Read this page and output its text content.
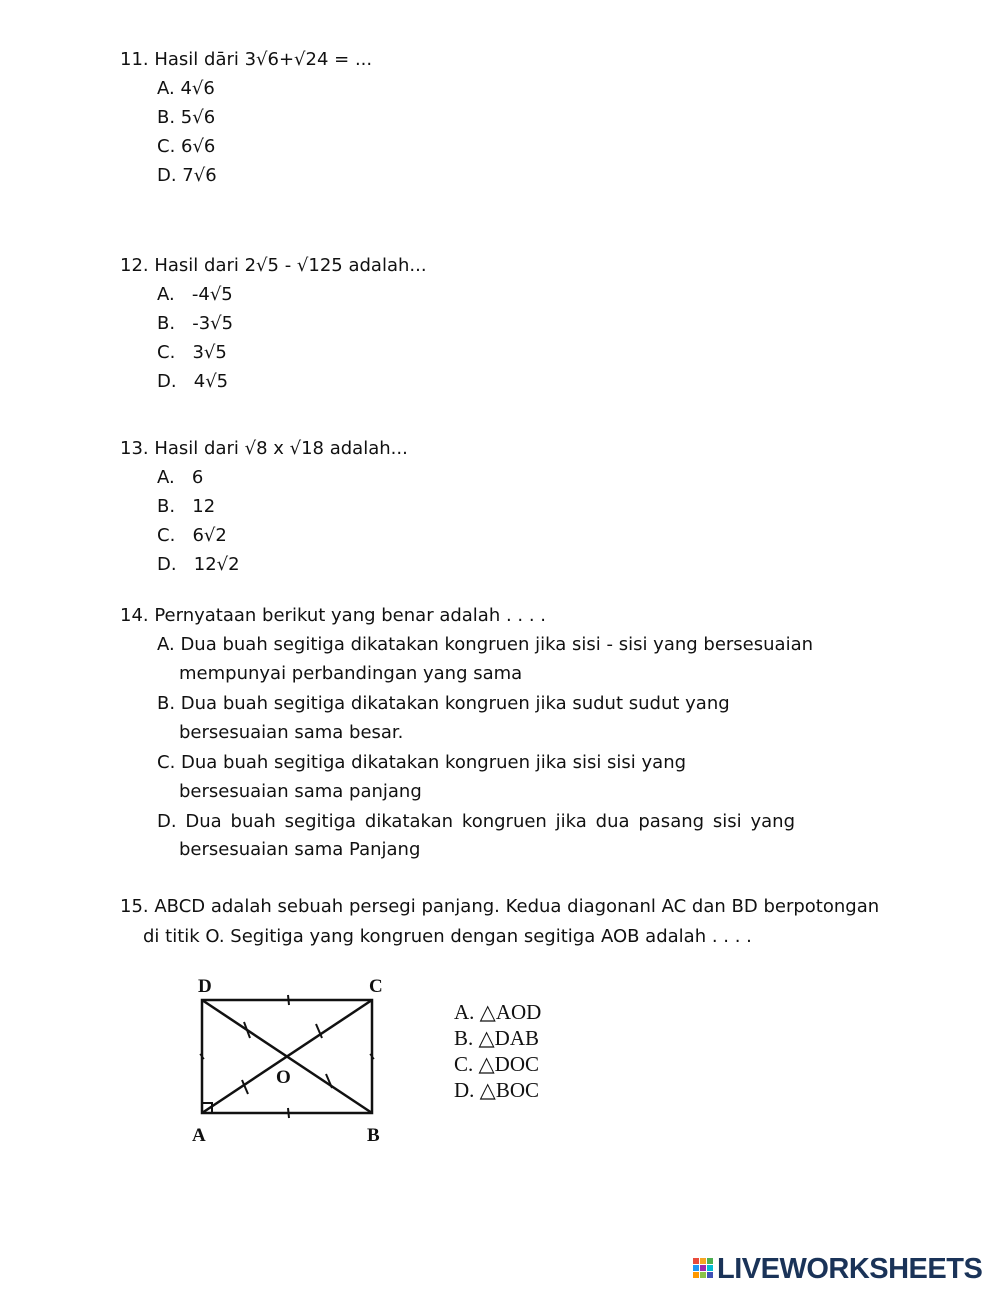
11. Hasil dāri 3√6+√24 = ...
A. 4√6
B. 5√6
C. 6√6
D. 7√6
12. Hasil dari 2√5 - √125 adalah...
A.   -4√5
B.   -3√5
C.   3√5
D.   4√5
13. Hasil dari √8 x √18 adalah...
A.   6
B.   12
C.   6√2
D.   12√2
14. Pernyataan berikut yang benar adalah . . . .
A. Dua buah segitiga dikatakan kongruen jika sisi - sisi yang bersesuaian
mempunyai perbandingan yang sama
B. Dua buah segitiga dikatakan kongruen jika sudut sudut yang
bersesuaian sama besar.
C. Dua buah segitiga dikatakan kongruen jika sisi sisi yang
bersesuaian sama panjang
D. Dua buah segitiga dikatakan kongruen jika dua pasang sisi yang
bersesuaian sama Panjang
15. ABCD adalah sebuah persegi panjang. Kedua diagonanl AC dan BD berpotongan
di titik O. Segitiga yang kongruen dengan segitiga AOB adalah . . . .
D	C
A	B
O
A. △AOD
B. △DAB
C. △DOC
D. △BOC
LIVEWORKSHEETS
